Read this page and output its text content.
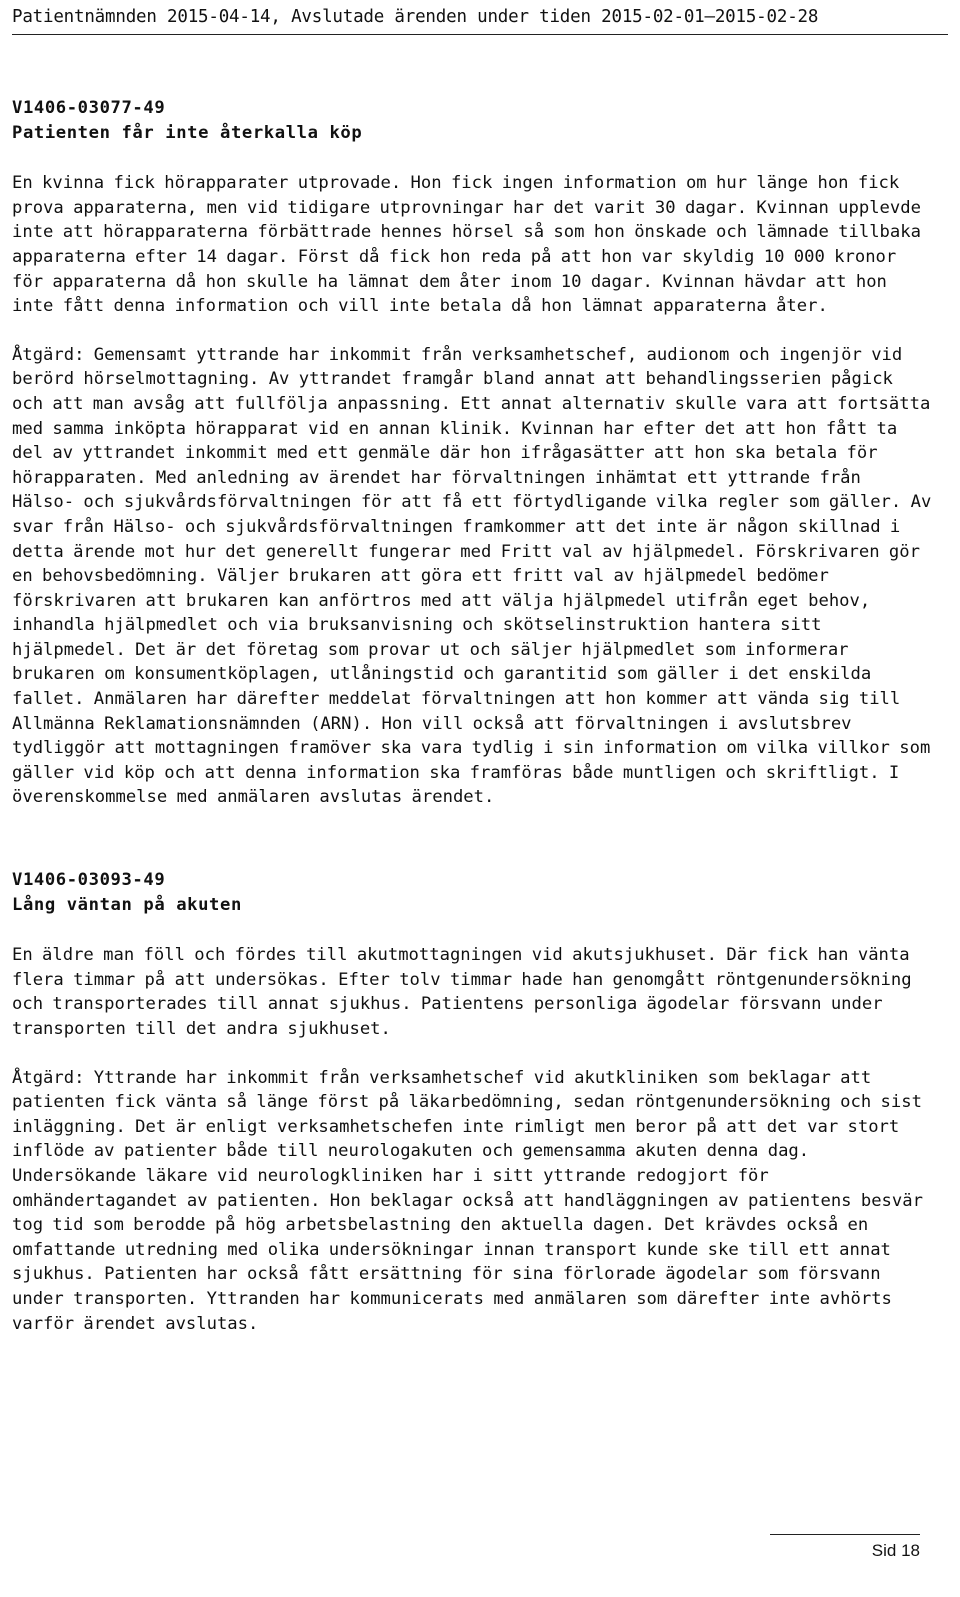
Patientnämnden 2015-04-14, Avslutade ärenden under tiden 2015-02-01—2015-02-28

V1406-03077-49

Patienten får inte återkalla köp

En kvinna fick hörapparater utprovade. Hon fick ingen information om hur länge hon fick prova apparaterna, men vid tidigare utprovningar har det varit 30 dagar. Kvinnan upplevde inte att hörapparaterna förbättrade hennes hörsel så som hon önskade och lämnade tillbaka apparaterna efter 14 dagar. Först då fick hon reda på att hon var skyldig 10 000 kronor för apparaterna då hon skulle ha lämnat dem åter inom 10 dagar. Kvinnan hävdar att hon inte fått denna information och vill inte betala då hon lämnat apparaterna åter.

Åtgärd: Gemensamt yttrande har inkommit från verksamhetschef, audionom och ingenjör vid berörd hörselmottagning. Av yttrandet framgår bland annat att behandlingsserien pågick och att man avsåg att fullfölja anpassning. Ett annat alternativ skulle vara att fortsätta med samma inköpta hörapparat vid en annan klinik. Kvinnan har efter det att hon fått ta del av yttrandet inkommit med ett genmäle där hon ifrågasätter att hon ska betala för hörapparaten. Med anledning av ärendet har förvaltningen inhämtat ett yttrande från Hälso- och sjukvårdsförvaltningen för att få ett förtydligande vilka regler som gäller. Av svar från Hälso- och sjukvårdsförvaltningen framkommer att det inte är någon skillnad i detta ärende mot hur det generellt fungerar med Fritt val av hjälpmedel. Förskrivaren gör en behovsbedömning. Väljer brukaren att göra ett fritt val av hjälpmedel bedömer förskrivaren att brukaren kan anförtros med att välja hjälpmedel utifrån eget behov, inhandla hjälpmedlet och via bruksanvisning och skötselinstruktion hantera sitt hjälpmedel. Det är det företag som provar ut och säljer hjälpmedlet som informerar brukaren om konsumentköplagen, utlåningstid och garantitid som gäller i det enskilda fallet. Anmälaren har därefter meddelat förvaltningen att hon kommer att vända sig till Allmänna Reklamationsnämnden (ARN). Hon vill också att förvaltningen i avslutsbrev tydliggör att mottagningen framöver ska vara tydlig i sin information om vilka villkor som gäller vid köp och att denna information ska framföras både muntligen och skriftligt. I överenskommelse med anmälaren avslutas ärendet.

V1406-03093-49

Lång väntan på akuten

En äldre man föll och fördes till akutmottagningen vid akutsjukhuset. Där fick han vänta flera timmar på att undersökas. Efter tolv timmar hade han genomgått röntgenundersökning och transporterades till annat sjukhus. Patientens personliga ägodelar försvann under transporten till det andra sjukhuset.

Åtgärd: Yttrande har inkommit från verksamhetschef vid akutkliniken som beklagar att patienten fick vänta så länge först på läkarbedömning, sedan röntgenundersökning och sist inläggning. Det är enligt verksamhetschefen inte rimligt men beror på att det var stort inflöde av patienter både till neurologakuten och gemensamma akuten denna dag. Undersökande läkare vid neurologkliniken har i sitt yttrande redogjort för omhändertagandet av patienten. Hon beklagar också att handläggningen av patientens besvär tog tid som berodde på hög arbetsbelastning den aktuella dagen. Det krävdes också en omfattande utredning med olika undersökningar innan transport kunde ske till ett annat sjukhus. Patienten har också fått ersättning för sina förlorade ägodelar som försvann under transporten. Yttranden har kommunicerats med anmälaren som därefter inte avhörts varför ärendet avslutas.

Sid 18
